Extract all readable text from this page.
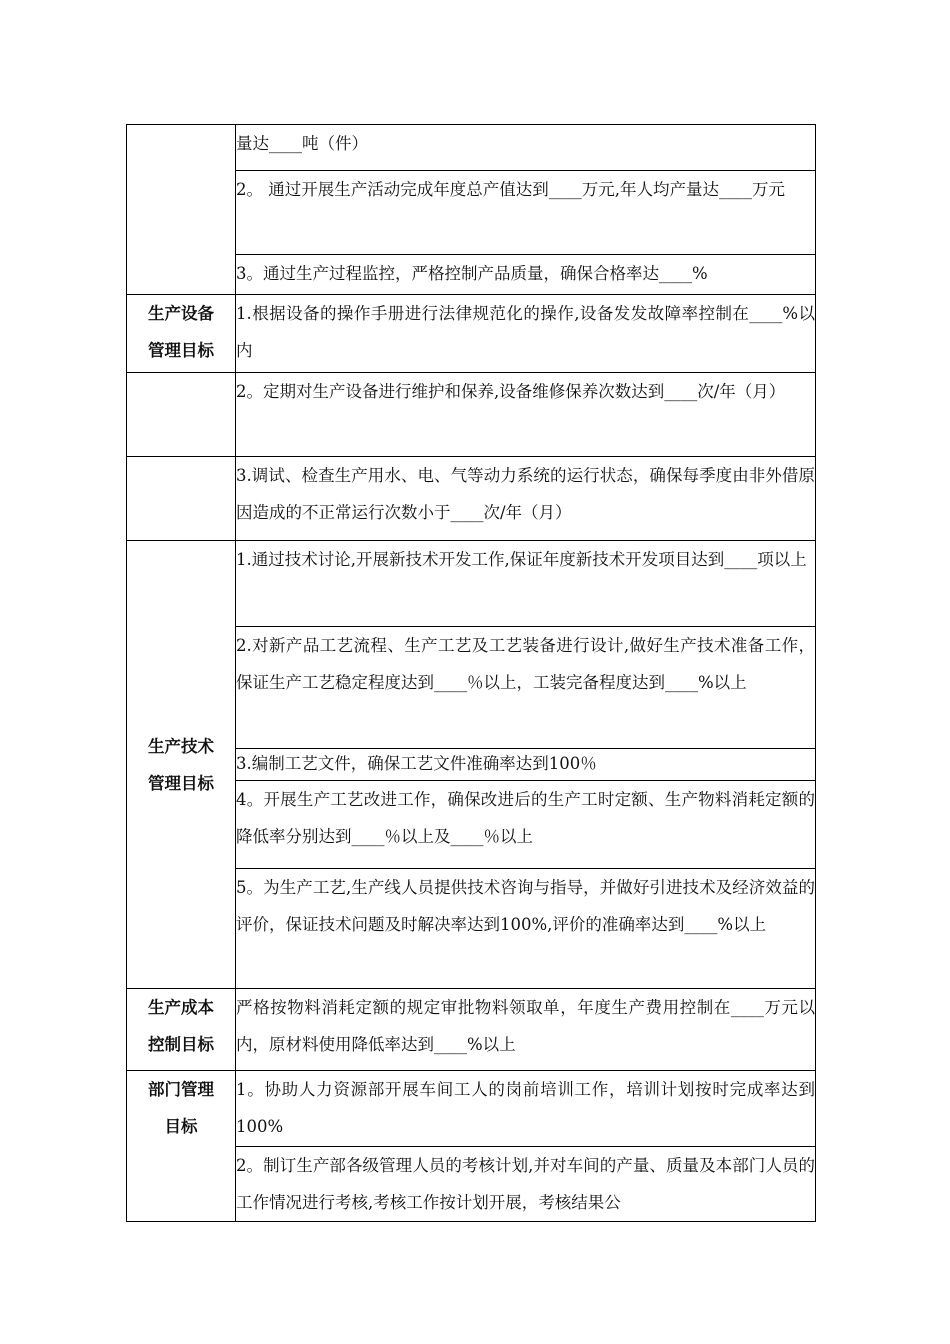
	量达____吨（件）
	2。 通过开展生产活动完成年度总产值达到____万元,年人均产量达____万元
	3。通过生产过程监控，严格控制产品质量，确保合格率达____%
生产设备管理目标	1.根据设备的操作手册进行法律规范化的操作,设备发发故障率控制在____%以内
	2。定期对生产设备进行维护和保养,设备维修保养次数达到____次/年（月）
	3.调试、检查生产用水、电、气等动力系统的运行状态，确保每季度由非外借原因造成的不正常运行次数小于____次/年（月）
生产技术管理目标	1.通过技术讨论,开展新技术开发工作,保证年度新技术开发项目达到____项以上
	2.对新产品工艺流程、生产工艺及工艺装备进行设计,做好生产技术准备工作，保证生产工艺稳定程度达到____％以上，工装完备程度达到____%以上
	3.编制工艺文件，确保工艺文件准确率达到100％
	4。开展生产工艺改进工作，确保改进后的生产工时定额、生产物料消耗定额的降低率分别达到____％以上及____％以上
	5。为生产工艺,生产线人员提供技术咨询与指导，并做好引进技术及经济效益的评价，保证技术问题及时解决率达到100%,评价的准确率达到____%以上
生产成本控制目标	严格按物料消耗定额的规定审批物料领取单，年度生产费用控制在____万元以内，原材料使用降低率达到____%以上
部门管理目标	1。协助人力资源部开展车间工人的岗前培训工作，培训计划按时完成率达到100%
	2。制订生产部各级管理人员的考核计划,并对车间的产量、质量及本部门人员的工作情况进行考核,考核工作按计划开展，考核结果公
